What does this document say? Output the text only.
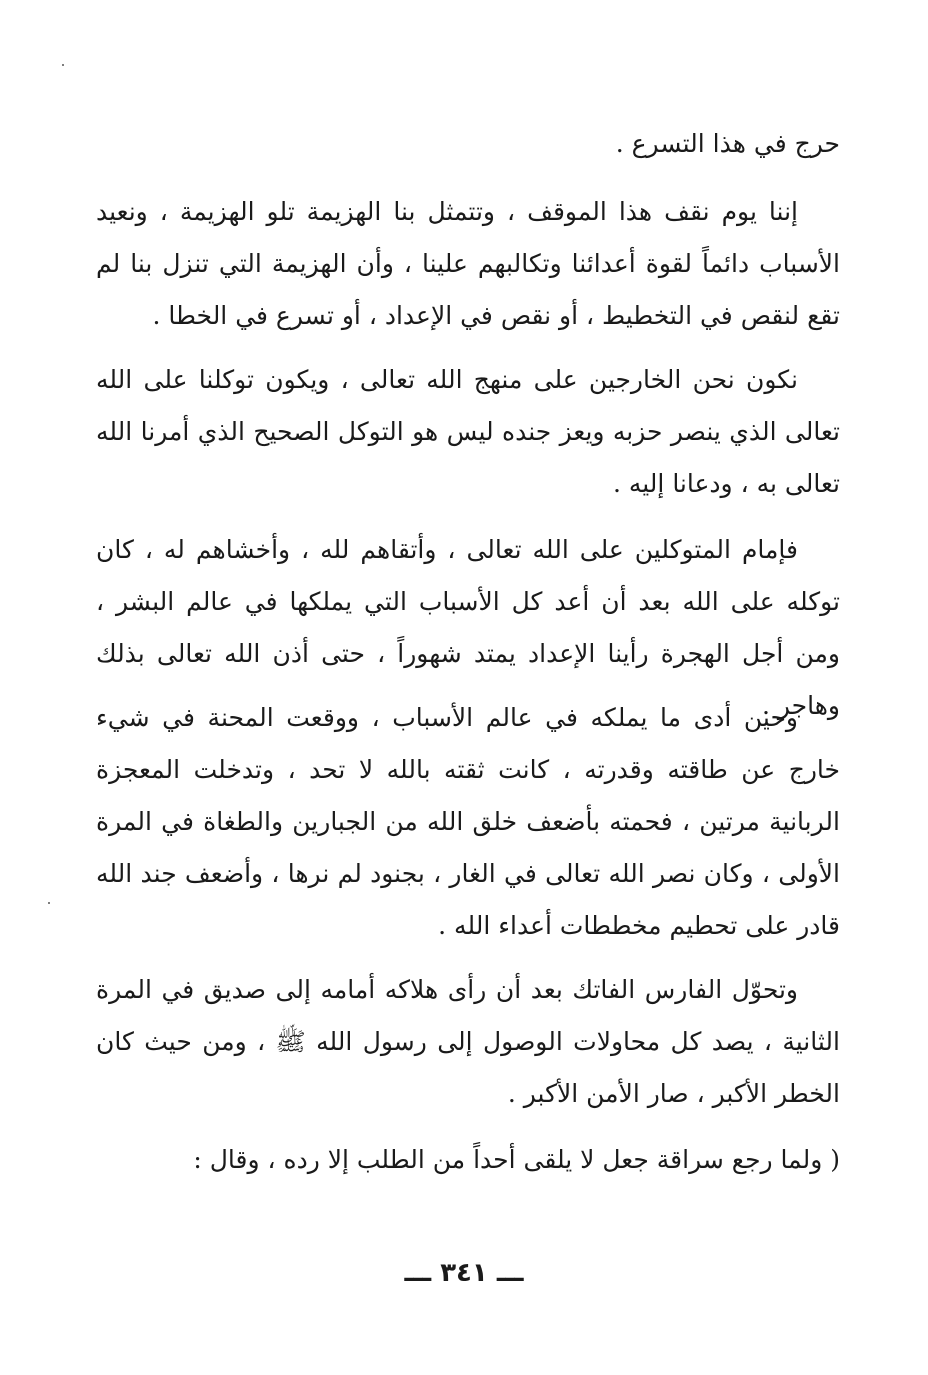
حرج في هذا التسرع .

إننا يوم نقف هذا الموقف ، وتتمثل بنا الهزيمة تلو الهزيمة ، ونعيد الأسباب دائماً لقوة أعدائنا وتكالبهم علينا ، وأن الهزيمة التي تنزل بنا لم تقع لنقص في التخطيط ، أو نقص في الإعداد ، أو تسرع في الخطا .

نكون نحن الخارجين على منهج الله تعالى ، ويكون توكلنا على الله تعالى الذي ينصر حزبه ويعز جنده ليس هو التوكل الصحيح الذي أمرنا الله تعالى به ، ودعانا إليه .

فإمام المتوكلين على الله تعالى ، وأتقاهم لله ، وأخشاهم له ، كان توكله على الله بعد أن أعد كل الأسباب التي يملكها في عالم البشر ، ومن أجل الهجرة رأينا الإعداد يمتد شهوراً ، حتى أذن الله تعالى بذلك وهاجر .

وحين أدى ما يملكه في عالم الأسباب ، ووقعت المحنة في شيء خارج عن طاقته وقدرته ، كانت ثقته بالله لا تحد ، وتدخلت المعجزة الربانية مرتين ، فحمته بأضعف خلق الله من الجبارين والطغاة في المرة الأولى ، وكان نصر الله تعالى في الغار ، بجنود لم نرها ، وأضعف جند الله قادر على تحطيم مخططات أعداء الله .

وتحوّل الفارس الفاتك بعد أن رأى هلاكه أمامه إلى صديق في المرة الثانية ، يصد كل محاولات الوصول إلى رسول الله ﷺ ، ومن حيث كان الخطر الأكبر ، صار الأمن الأكبر .

( ولما رجع سراقة جعل لا يلقى أحداً من الطلب إلا رده ، وقال :

ـــ ٣٤١ ـــ
